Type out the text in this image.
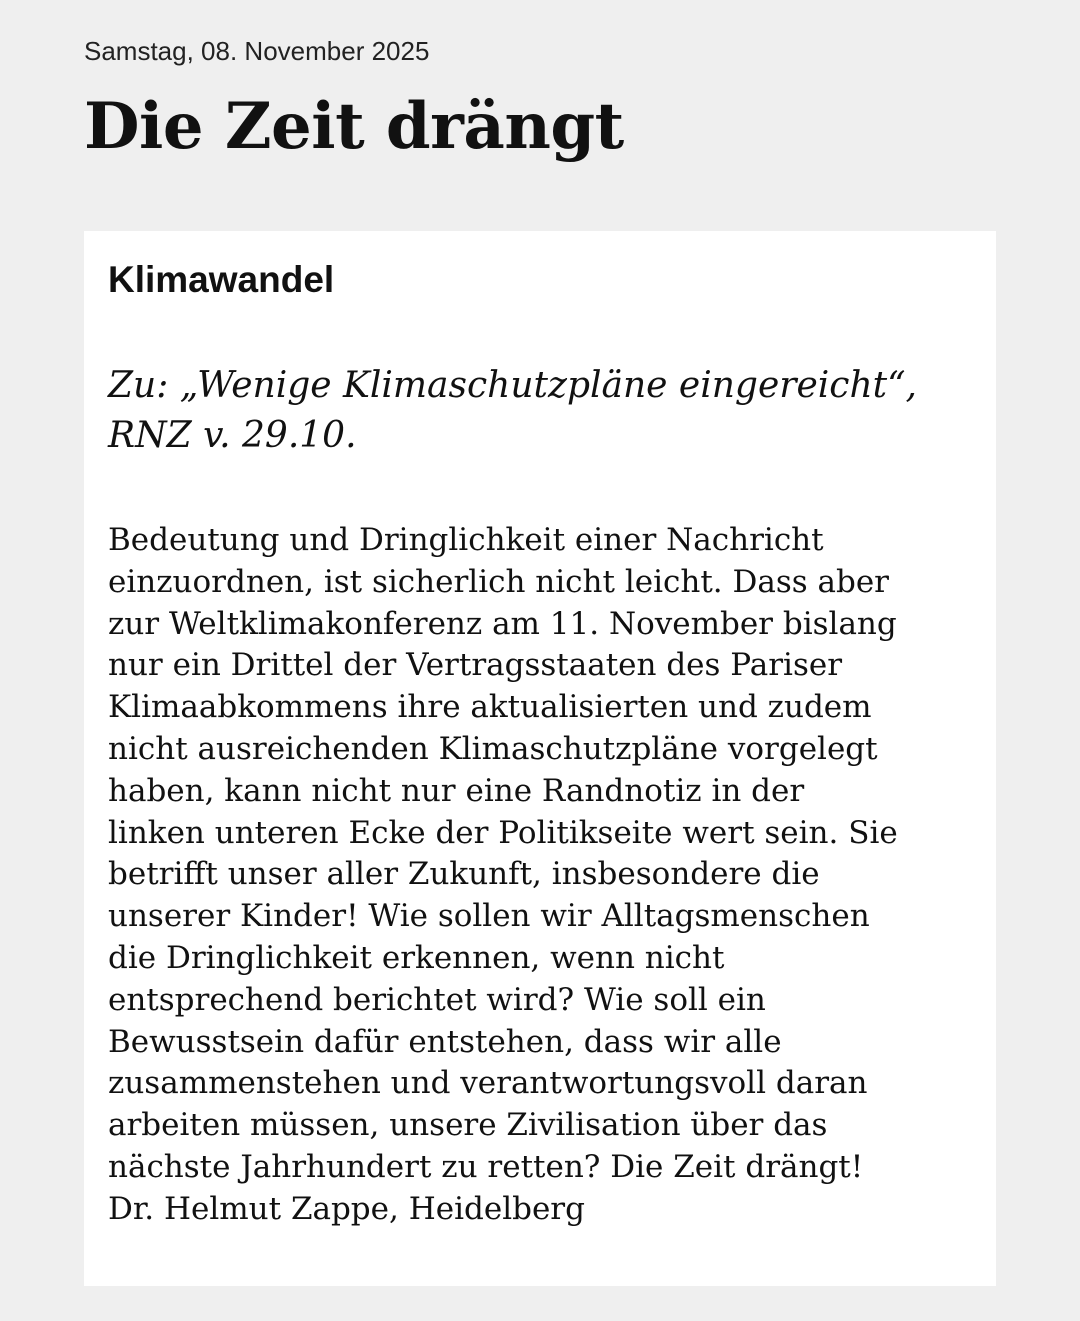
Samstag, 08. November 2025
Die Zeit drängt
Klimawandel

Zu: „Wenige Klimaschutzpläne eingereicht“,
RNZ v. 29.10.

Bedeutung und Dringlichkeit einer Nachricht
einzuordnen, ist sicherlich nicht leicht. Dass aber
zur Weltklimakonferenz am 11. November bislang
nur ein Drittel der Vertragsstaaten des Pariser
Klimaabkommens ihre aktualisierten und zudem
nicht ausreichenden Klimaschutzpläne vorgelegt
haben, kann nicht nur eine Randnotiz in der
linken unteren Ecke der Politikseite wert sein. Sie
betrifft unser aller Zukunft, insbesondere die
unserer Kinder! Wie sollen wir Alltagsmenschen
die Dringlichkeit erkennen, wenn nicht
entsprechend berichtet wird? Wie soll ein
Bewusstsein dafür entstehen, dass wir alle
zusammenstehen und verantwortungsvoll daran
arbeiten müssen, unsere Zivilisation über das
nächste Jahrhundert zu retten? Die Zeit drängt!
Dr. Helmut Zappe, Heidelberg
